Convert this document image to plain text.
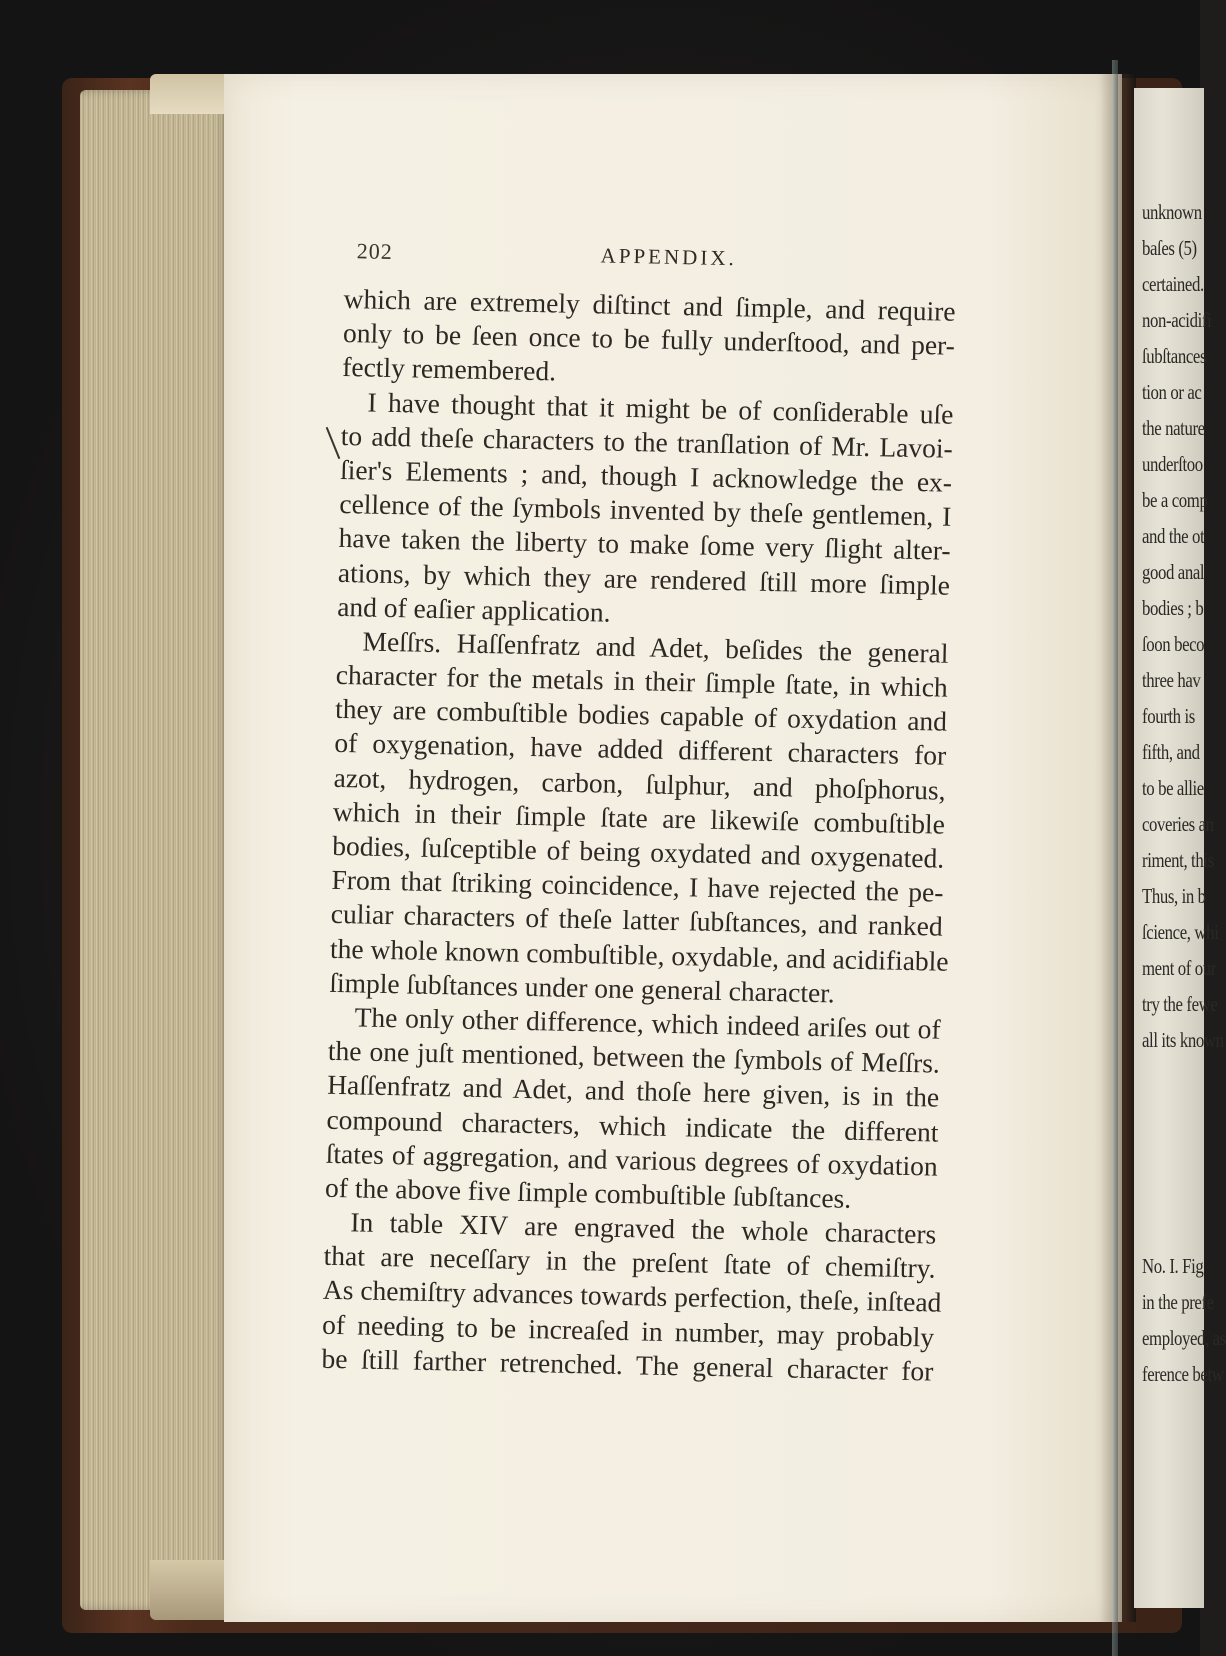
unknown
baſes (5)
certained.
non-acidifi
ſubſtances
tion or ac
the nature
underſtoo
be a comp
and the ot
good anal
bodies ; b
ſoon beco
three hav
fourth is
fifth, and
to be allie
coveries an
riment, this
Thus, in b
ſcience, whi
ment of our
try the fewe
all its known
No. I. Fig
in the prefe
employed, as
ference betw
202	APPENDIX.
which are extremely diſtinct and ſimple, and require
only to be ſeen once to be fully underſtood, and per-
fectly remembered.
I have thought that it might be of conſiderable uſe
to add theſe characters to the tranſlation of Mr. Lavoi-
ſier's Elements ; and, though I acknowledge the ex-
cellence of the ſymbols invented by theſe gentlemen, I
have taken the liberty to make ſome very ſlight alter-
ations, by which they are rendered ſtill more ſimple
and of eaſier application.
Meſſrs. Haſſenfratz and Adet, beſides the general
character for the metals in their ſimple ſtate, in which
they are combuſtible bodies capable of oxydation and
of oxygenation, have added different characters for
azot, hydrogen, carbon, ſulphur, and phoſphorus,
which in their ſimple ſtate are likewiſe combuſtible
bodies, ſuſceptible of being oxydated and oxygenated.
From that ſtriking coincidence, I have rejected the pe-
culiar characters of theſe latter ſubſtances, and ranked
the whole known combuſtible, oxydable, and acidifiable
ſimple ſubſtances under one general character.
The only other difference, which indeed ariſes out of
the one juſt mentioned, between the ſymbols of Meſſrs.
Haſſenfratz and Adet, and thoſe here given, is in the
compound characters, which indicate the different
ſtates of aggregation, and various degrees of oxydation
of the above five ſimple combuſtible ſubſtances.
In table XIV are engraved the whole characters
that are neceſſary in the preſent ſtate of chemiſtry.
As chemiſtry advances towards perfection, theſe, inſtead
of needing to be increaſed in number, may probably
be ſtill farther retrenched. The general character for
